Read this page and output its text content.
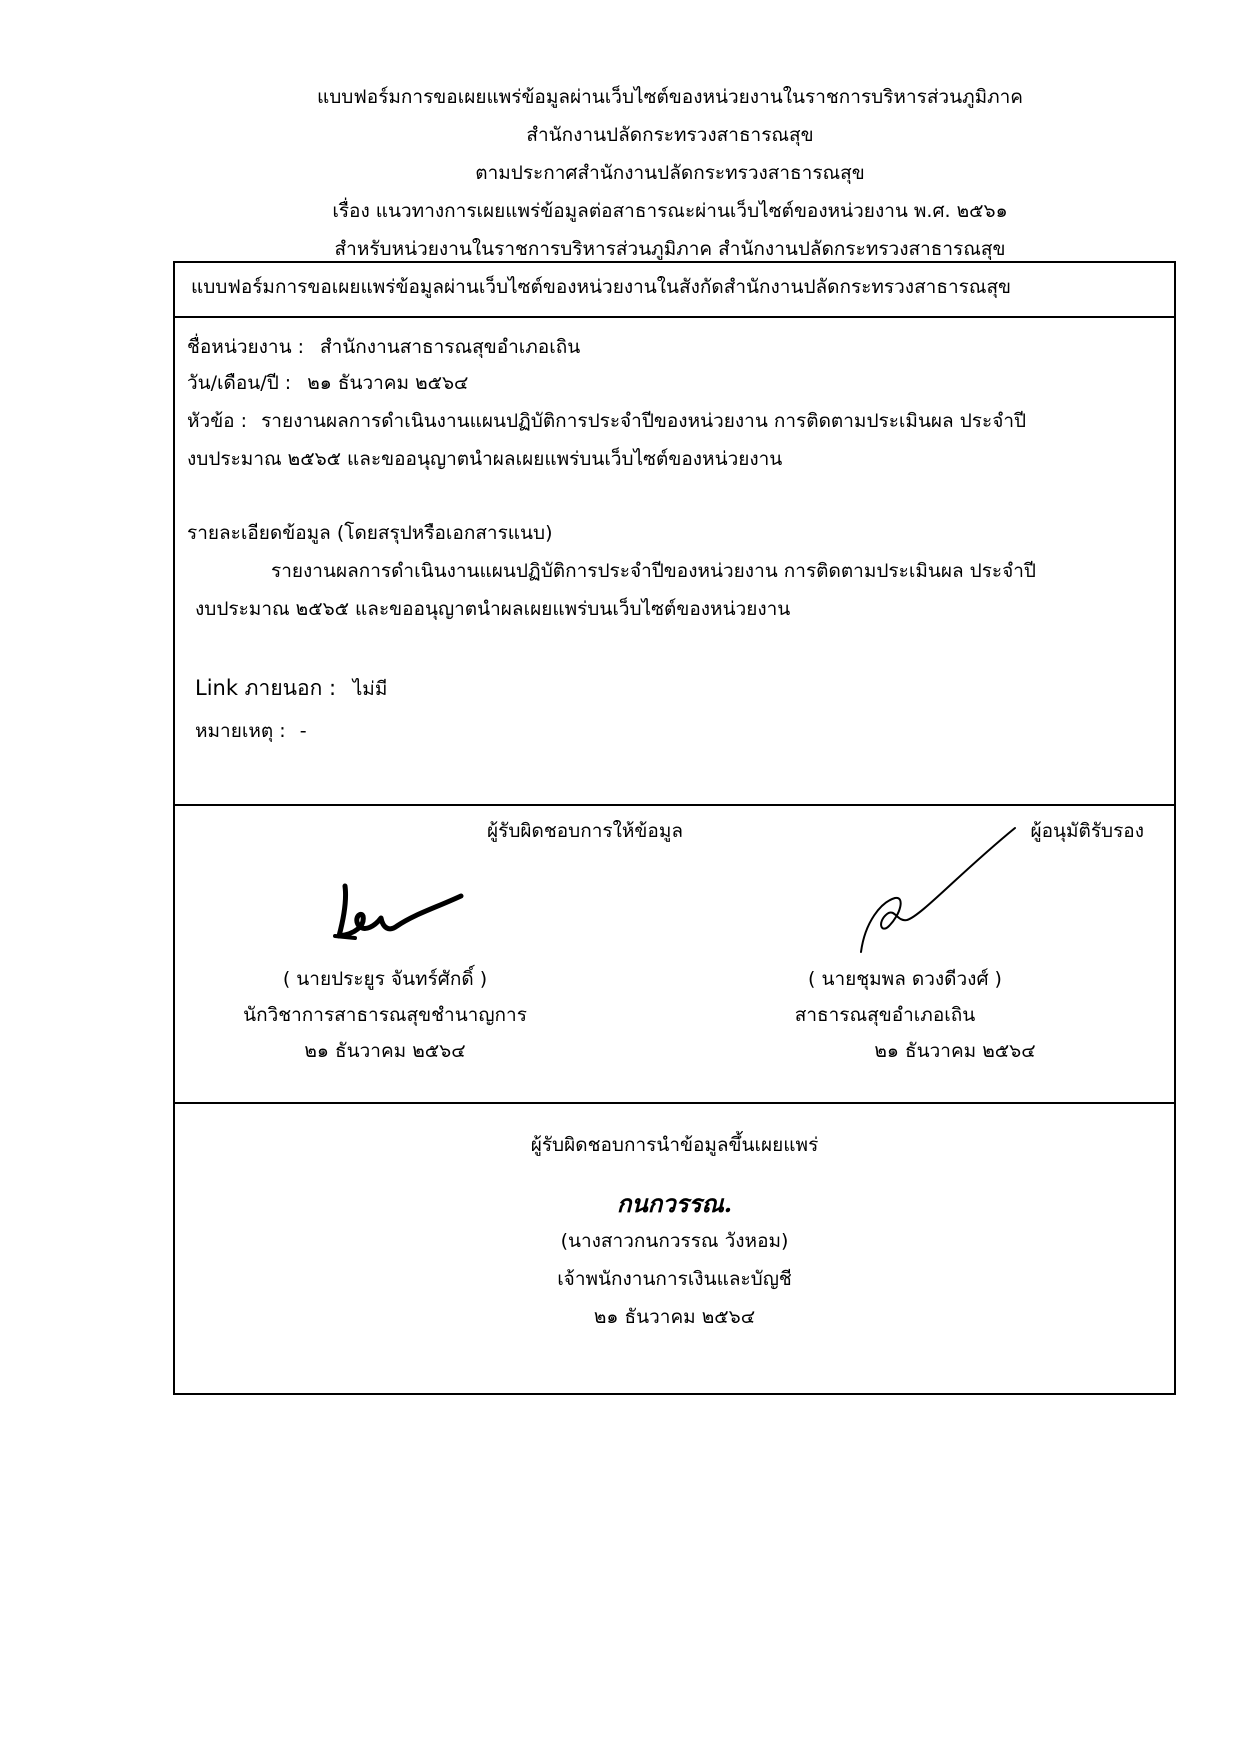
แบบฟอร์มการขอเผยแพร่ข้อมูลผ่านเว็บไซต์ของหน่วยงานในราชการบริหารส่วนภูมิภาค
สำนักงานปลัดกระทรวงสาธารณสุข
ตามประกาศสำนักงานปลัดกระทรวงสาธารณสุข
เรื่อง แนวทางการเผยแพร่ข้อมูลต่อสาธารณะผ่านเว็บไซต์ของหน่วยงาน พ.ศ. ๒๕๖๑
สำหรับหน่วยงานในราชการบริหารส่วนภูมิภาค สำนักงานปลัดกระทรวงสาธารณสุข
แบบฟอร์มการขอเผยแพร่ข้อมูลผ่านเว็บไซต์ของหน่วยงานในสังกัดสำนักงานปลัดกระทรวงสาธารณสุข
ชื่อหน่วยงาน : สำนักงานสาธารณสุขอำเภอเถิน
วัน/เดือน/ปี : ๒๑ ธันวาคม ๒๕๖๔
หัวข้อ : รายงานผลการดำเนินงานแผนปฏิบัติการประจำปีของหน่วยงาน การติดตามประเมินผล ประจำปี
งบประมาณ ๒๕๖๕ และขออนุญาตนำผลเผยแพร่บนเว็บไซต์ของหน่วยงาน
รายละเอียดข้อมูล (โดยสรุปหรือเอกสารแนบ)
รายงานผลการดำเนินงานแผนปฏิบัติการประจำปีของหน่วยงาน การติดตามประเมินผล ประจำปี
งบประมาณ ๒๕๖๕ และขออนุญาตนำผลเผยแพร่บนเว็บไซต์ของหน่วยงาน
Link ภายนอก : ไม่มี
หมายเหตุ : -
ผู้รับผิดชอบการให้ข้อมูล	ผู้อนุมัติรับรอง
( นายประยูร จันทร์ศักดิ์ )
นักวิชาการสาธารณสุขชำนาญการ
๒๑ ธันวาคม ๒๕๖๔
( นายชุมพล ดวงดีวงศ์ )
สาธารณสุขอำเภอเถิน
๒๑ ธันวาคม ๒๕๖๔
ผู้รับผิดชอบการนำข้อมูลขึ้นเผยแพร่
กนกวรรณ.
(นางสาวกนกวรรณ วังหอม)
เจ้าพนักงานการเงินและบัญชี
๒๑ ธันวาคม ๒๕๖๔
